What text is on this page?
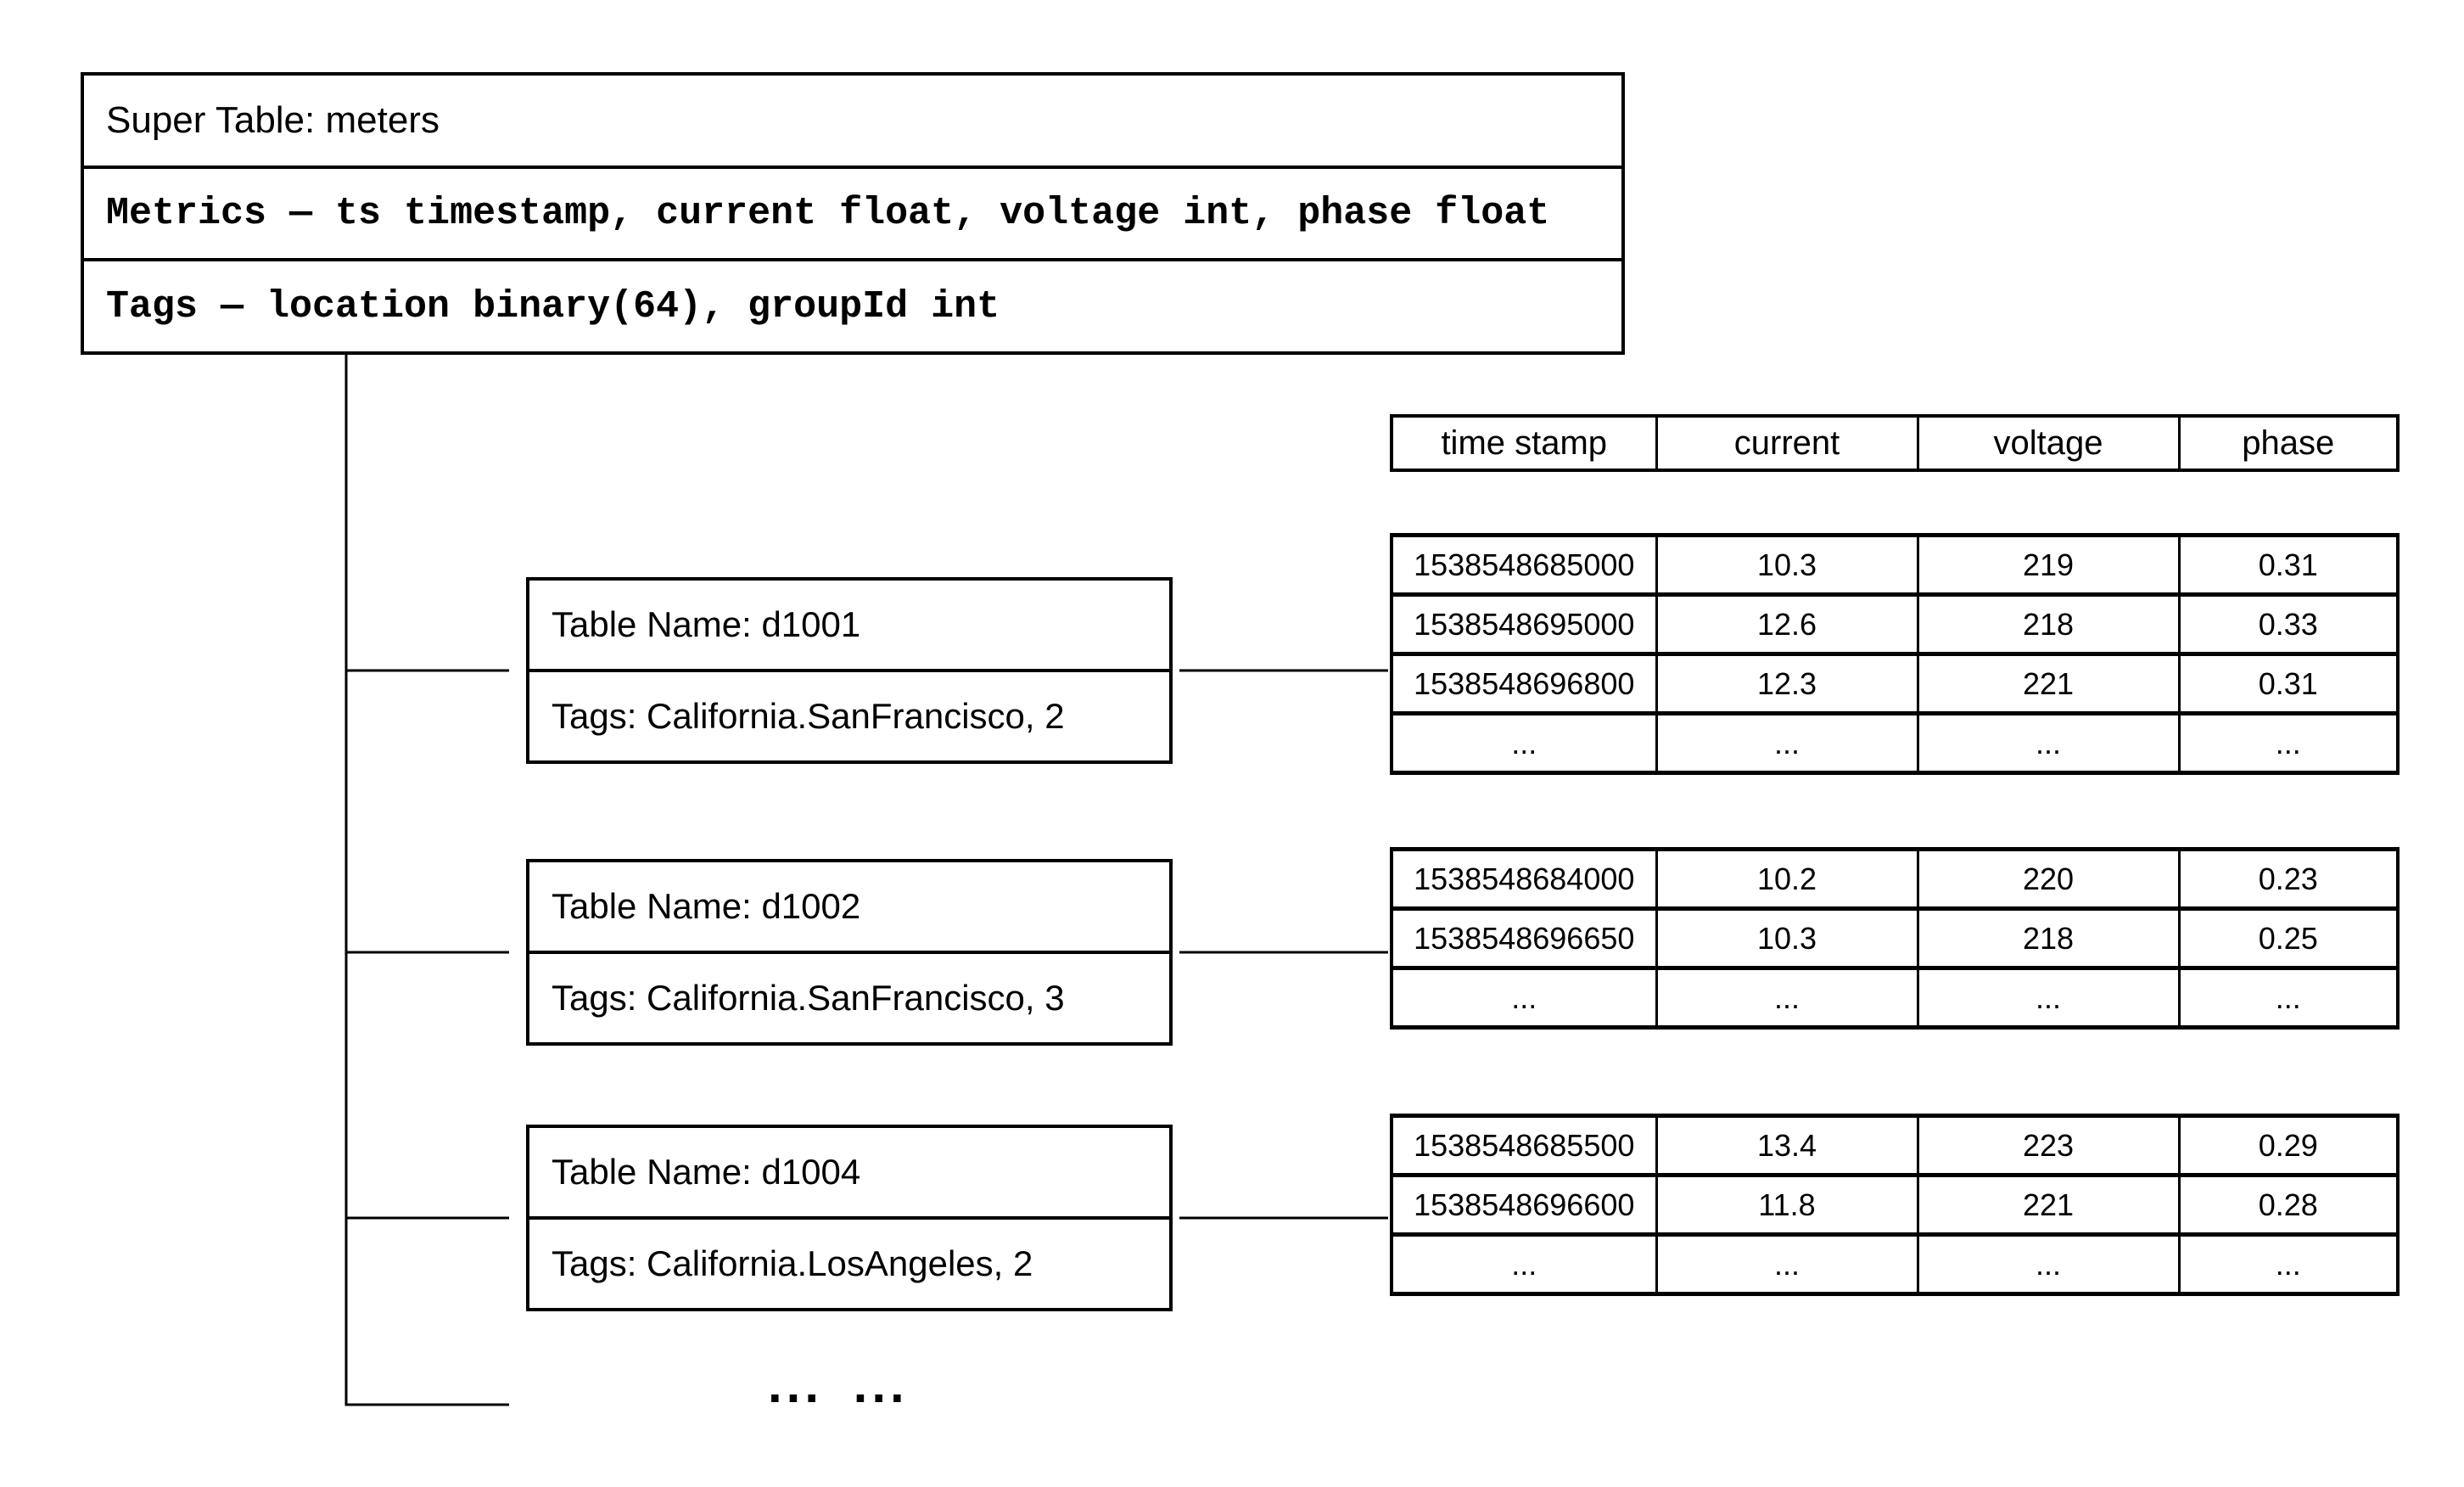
Super Table: meters
Metrics — ts timestamp, current float, voltage int, phase float
Tags — location binary(64), groupId int
time stamp	current	voltage	phase
Table Name: d1001
Tags: California.SanFrancisco, 2
1538548685000	10.3	219	0.31
1538548695000	12.6	218	0.33
1538548696800	12.3	221	0.31
...	...	...	...
Table Name: d1002
Tags: California.SanFrancisco, 3
1538548684000	10.2	220	0.23
1538548696650	10.3	218	0.25
...	...	...	...
Table Name: d1004
Tags: California.LosAngeles, 2
1538548685500	13.4	223	0.29
1538548696600	11.8	221	0.28
...	...	...	...
... ...
